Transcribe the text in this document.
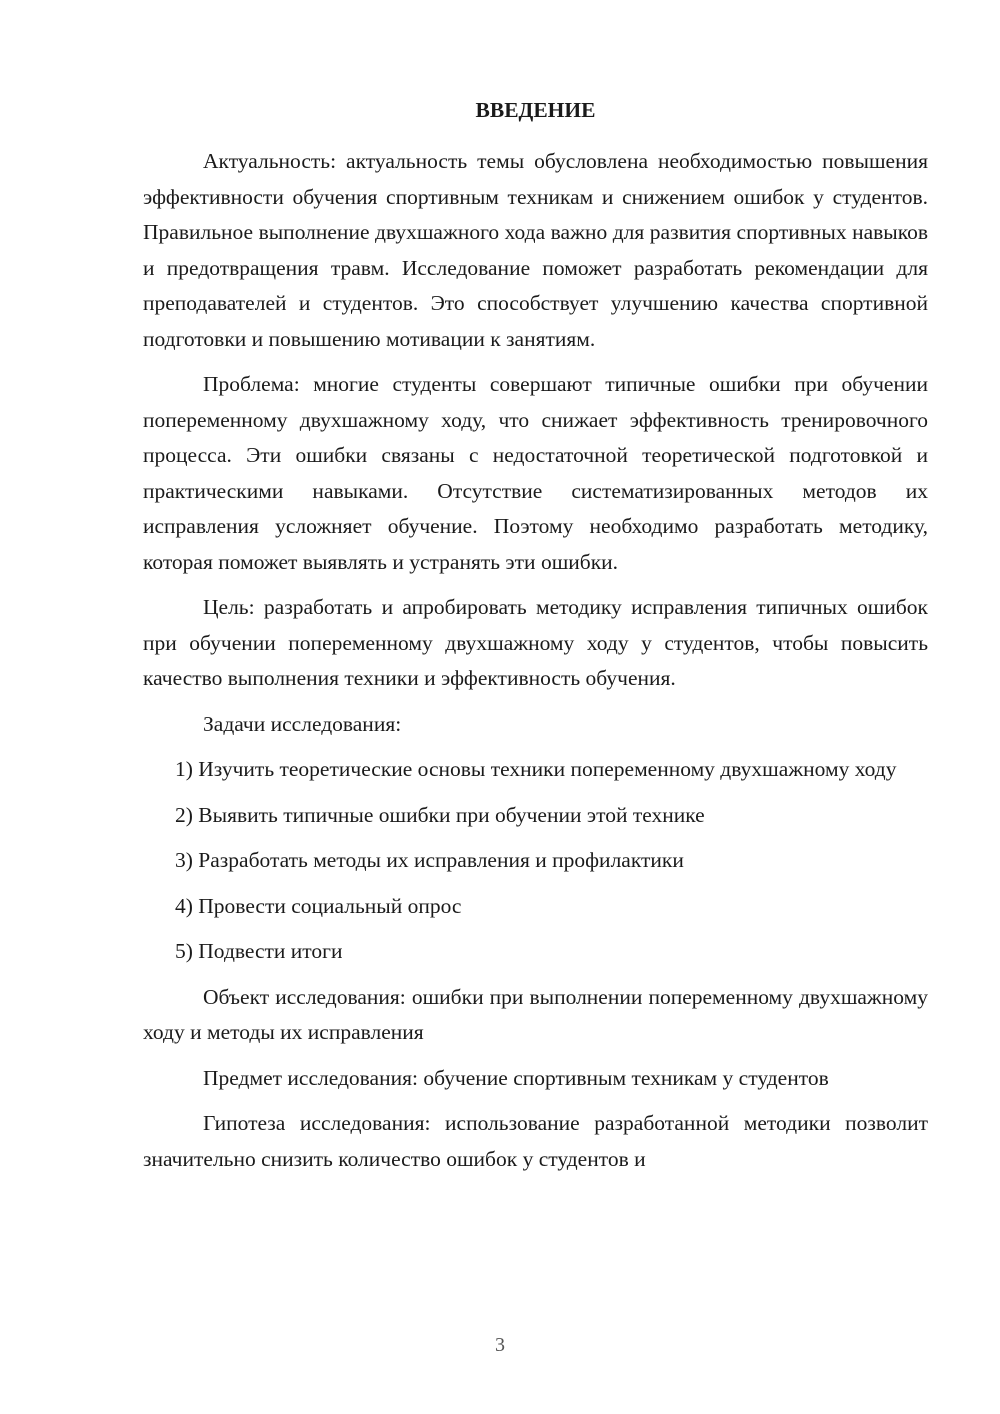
ВВЕДЕНИЕ

Актуальность: актуальность темы обусловлена необходимостью повышения эффективности обучения спортивным техникам и снижением ошибок у студентов. Правильное выполнение двухшажного хода важно для развития спортивных навыков и предотвращения травм. Исследование поможет разработать рекомендации для преподавателей и студентов. Это способствует улучшению качества спортивной подготовки и повышению мотивации к занятиям.

Проблема: многие студенты совершают типичные ошибки при обучении попеременному двухшажному ходу, что снижает эффективность тренировочного процесса. Эти ошибки связаны с недостаточной теоретической подготовкой и практическими навыками. Отсутствие систематизированных методов их исправления усложняет обучение. Поэтому необходимо разработать методику, которая поможет выявлять и устранять эти ошибки.

Цель: разработать и апробировать методику исправления типичных ошибок при обучении попеременному двухшажному ходу у студентов, чтобы повысить качество выполнения техники и эффективность обучения.

Задачи исследования:

1) Изучить теоретические основы техники попеременному двухшажному ходу

2) Выявить типичные ошибки при обучении этой технике

3) Разработать методы их исправления и профилактики

4) Провести социальный опрос

5) Подвести итоги

Объект исследования: ошибки при выполнении попеременному двухшажному ходу и методы их исправления

Предмет исследования: обучение спортивным техникам у студентов

Гипотеза исследования: использование разработанной методики позволит значительно снизить количество ошибок у студентов и

3
